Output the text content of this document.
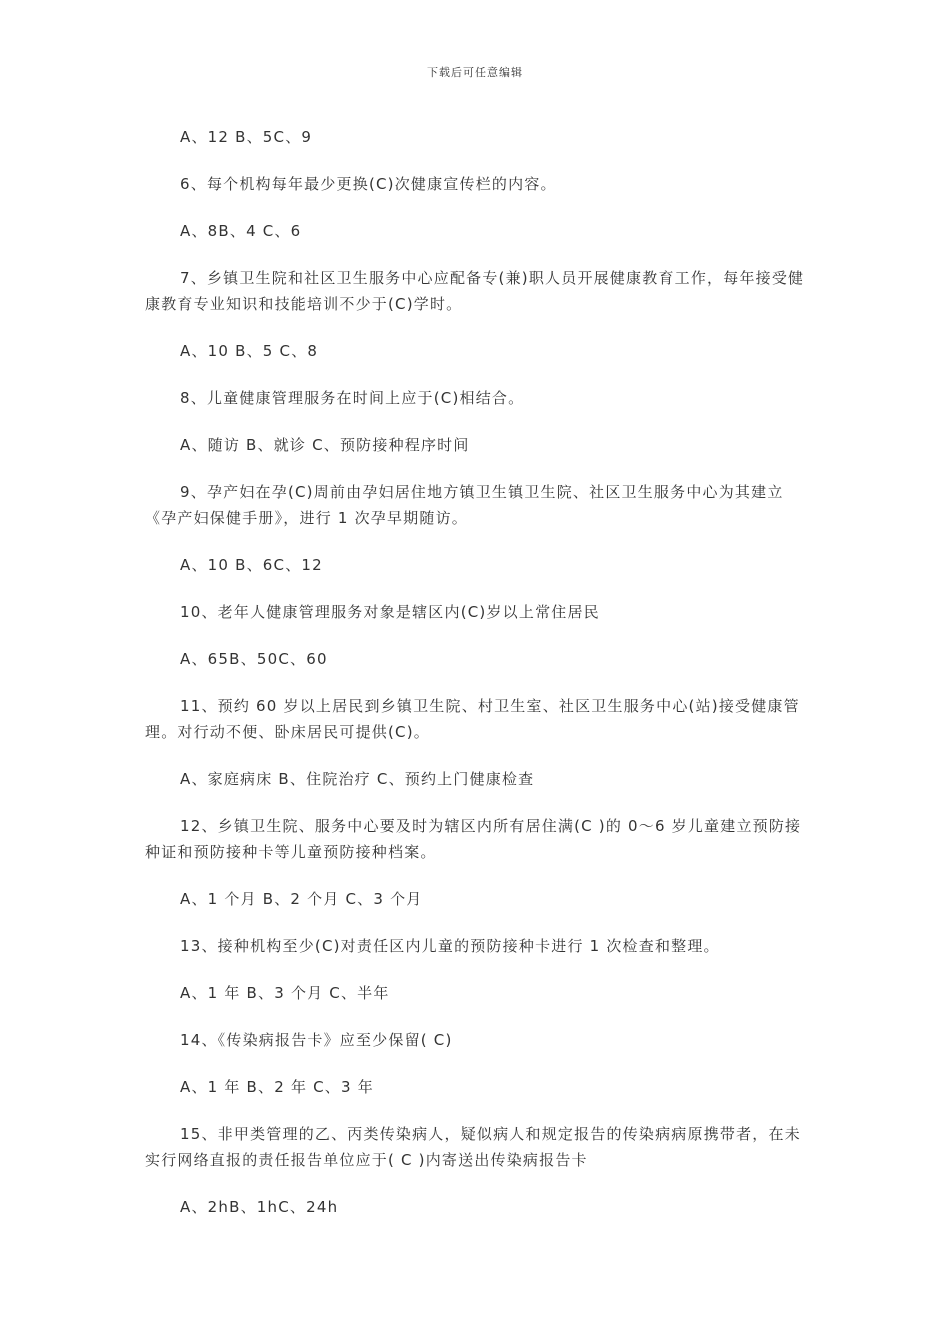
下载后可任意编辑

A、12 B、5C、9

6、每个机构每年最少更换(C)次健康宣传栏的内容。

A、8B、4 C、6

7、乡镇卫生院和社区卫生服务中心应配备专(兼)职人员开展健康教育工作，每年接受健康教育专业知识和技能培训不少于(C)学时。

A、10 B、5 C、8

8、儿童健康管理服务在时间上应于(C)相结合。

A、随访 B、就诊 C、预防接种程序时间

9、孕产妇在孕(C)周前由孕妇居住地方镇卫生镇卫生院、社区卫生服务中心为其建立《孕产妇保健手册》，进行 1 次孕早期随访。

A、10 B、6C、12

10、老年人健康管理服务对象是辖区内(C)岁以上常住居民

A、65B、50C、60

11、预约 60 岁以上居民到乡镇卫生院、村卫生室、社区卫生服务中心(站)接受健康管理。对行动不便、卧床居民可提供(C)。

A、家庭病床 B、住院治疗 C、预约上门健康检查

12、乡镇卫生院、服务中心要及时为辖区内所有居住满(C )的 0～6 岁儿童建立预防接种证和预防接种卡等儿童预防接种档案。

A、1 个月 B、2 个月 C、3 个月

13、接种机构至少(C)对责任区内儿童的预防接种卡进行 1 次检查和整理。

A、1 年 B、3 个月 C、半年

14、《传染病报告卡》应至少保留( C)

A、1 年 B、2 年 C、3 年

15、非甲类管理的乙、丙类传染病人，疑似病人和规定报告的传染病病原携带者，在未实行网络直报的责任报告单位应于( C )内寄送出传染病报告卡

A、2hB、1hC、24h
